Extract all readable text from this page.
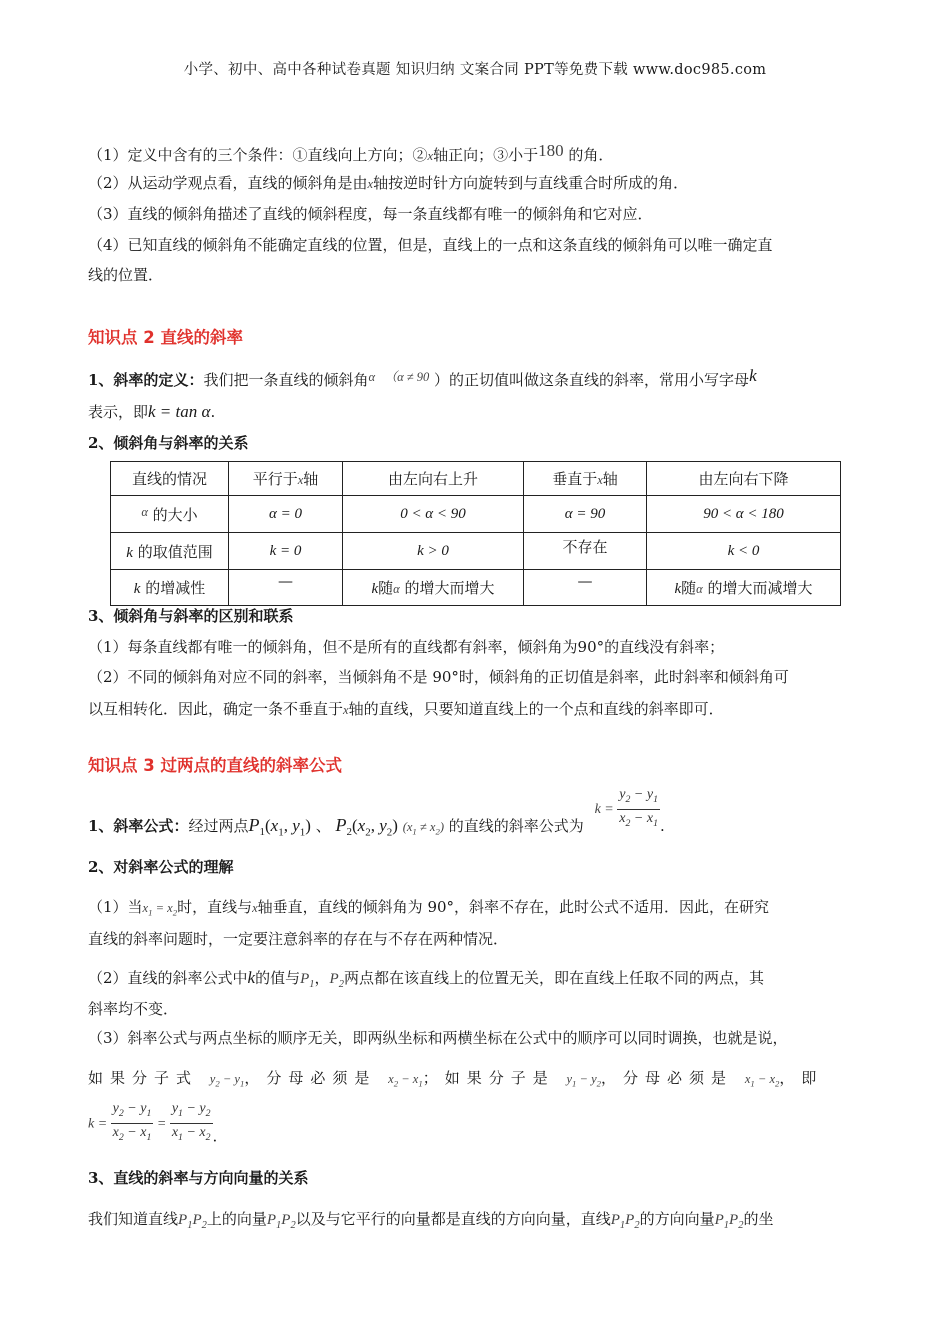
小学、初中、高中各种试卷真题 知识归纳 文案合同 PPT等免费下载 www.doc985.com
（1）定义中含有的三个条件：①直线向上方向；②x轴正向；③小于180 的角．
（2）从运动学观点看，直线的倾斜角是由x轴按逆时针方向旋转到与直线重合时所成的角．
（3）直线的倾斜角描述了直线的倾斜程度，每一条直线都有唯一的倾斜角和它对应．
（4）已知直线的倾斜角不能确定直线的位置，但是，直线上的一点和这条直线的倾斜角可以唯一确定直
线的位置．
知识点 2 直线的斜率
1、斜率的定义：我们把一条直线的倾斜角$^\alpha$ $^{(\alpha \ne 90}$ ）的正切值叫做这条直线的斜率，常用小写字母k
表示，即k = tan α.
2、倾斜角与斜率的关系
直线的情况	平行于x轴	由左向右上升	垂直于x轴	由左向右下降
$^\alpha$ 的大小	α = 0	0 < α < 90	α = 90	90 < α < 180
k 的取值范围	k = 0	k > 0	不存在	k < 0
k 的增减性	—	k随α 的增大而增大	—	k随α 的增大而减增大
3、倾斜角与斜率的区别和联系
（1）每条直线都有唯一的倾斜角，但不是所有的直线都有斜率，倾斜角为90°的直线没有斜率；
（2）不同的倾斜角对应不同的斜率，当倾斜角不是 90°时，倾斜角的正切值是斜率，此时斜率和倾斜角可
以互相转化．因此，确定一条不垂直于x轴的直线，只要知道直线上的一个点和直线的斜率即可．
知识点 3 过两点的直线的斜率公式
1、斜率公式：经过两点$P_1(x_1$, $y_1$) 、 $P_2(x_2$, $y_2$) $(x_1 \ne x_2)$ 的直线的斜率公式为 $k = \frac{y_2 - y_1}{x_2 - x_1}$ .
2、对斜率公式的理解
（1）当$x_1 = x_2$时，直线与x轴垂直，直线的倾斜角为 90°，斜率不存在，此时公式不适用．因此，在研究
直线的斜率问题时，一定要注意斜率的存在与不存在两种情况．
（2）直线的斜率公式中k的值与$P_1$，$P_2$两点都在该直线上的位置无关，即在直线上任取不同的两点，其
斜率均不变．
（3）斜率公式与两点坐标的顺序无关，即两纵坐标和两横坐标在公式中的顺序可以同时调换，也就是说，
如果分子式 $y_2 - y_1$，分母必须是 $x_2 - x_1$；如果分子是 $y_1 - y_2$，分母必须是 $x_1 - x_2$，即
$k = \frac{y_2 - y_1}{x_2 - x_1} = \frac{y_1 - y_2}{x_1 - x_2}$ .
3、直线的斜率与方向向量的关系
我们知道直线$P_1P_2$上的向量$P_1P_2$以及与它平行的向量都是直线的方向向量，直线$P_1P_2$的方向向量$P_1P_2$的坐
